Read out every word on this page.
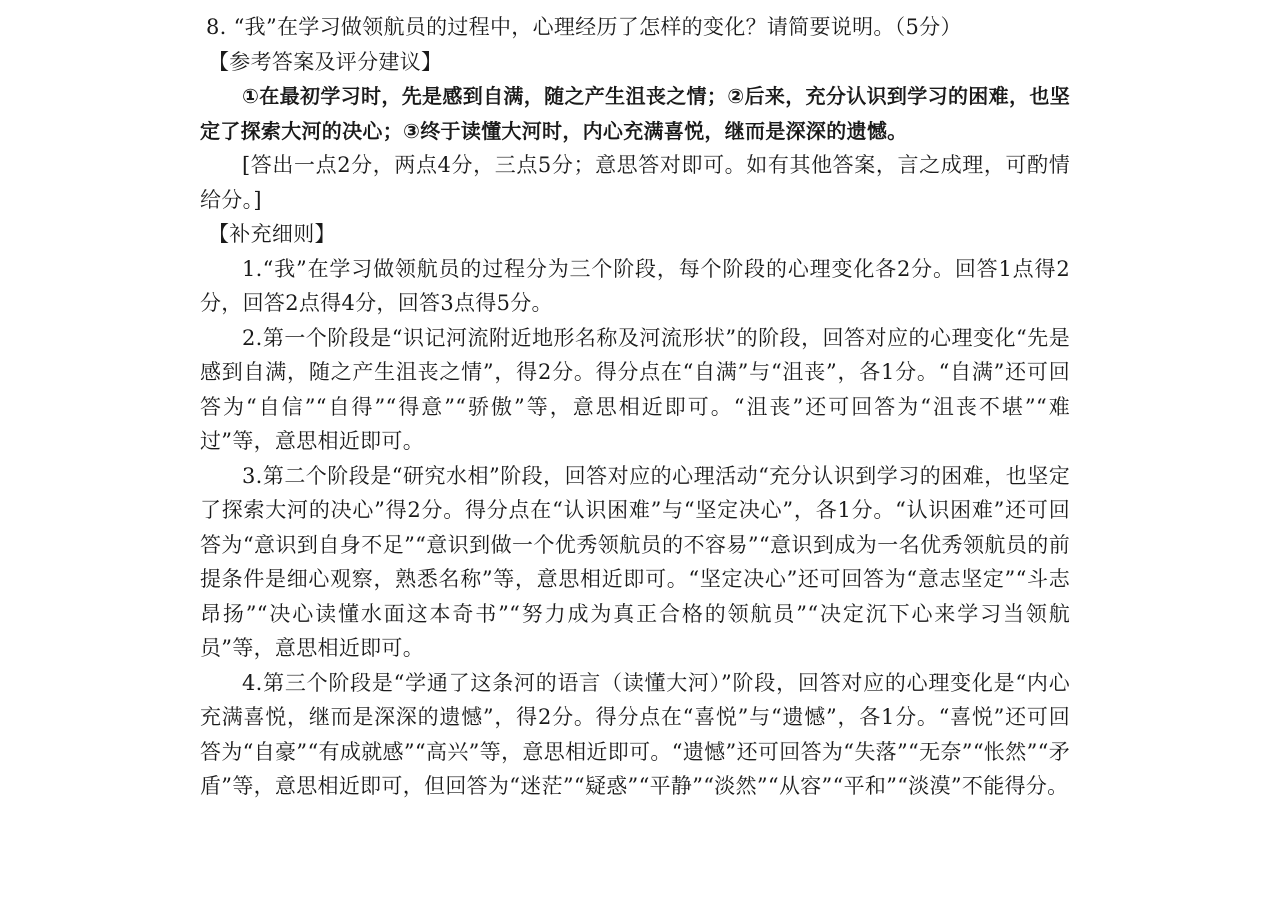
8. “我”在学习做领航员的过程中，心理经历了怎样的变化？请简要说明。（5分）

【参考答案及评分建议】

①在最初学习时，先是感到自满，随之产生沮丧之情；②后来，充分认识到学习的困难，也坚定了探索大河的决心；③终于读懂大河时，内心充满喜悦，继而是深深的遗憾。

[答出一点2分，两点4分，三点5分；意思答对即可。如有其他答案，言之成理，可酌情给分。]

【补充细则】

1.“我”在学习做领航员的过程分为三个阶段，每个阶段的心理变化各2分。回答1点得2分，回答2点得4分，回答3点得5分。

2.第一个阶段是“识记河流附近地形名称及河流形状”的阶段，回答对应的心理变化“先是感到自满，随之产生沮丧之情”，得2分。得分点在“自满”与“沮丧”，各1分。“自满”还可回答为“自信”“自得”“得意”“骄傲”等，意思相近即可。“沮丧”还可回答为“沮丧不堪”“难过”等，意思相近即可。

3.第二个阶段是“研究水相”阶段，回答对应的心理活动“充分认识到学习的困难，也坚定了探索大河的决心”得2分。得分点在“认识困难”与“坚定决心”，各1分。“认识困难”还可回答为“意识到自身不足”“意识到做一个优秀领航员的不容易”“意识到成为一名优秀领航员的前提条件是细心观察，熟悉名称”等，意思相近即可。“坚定决心”还可回答为“意志坚定”“斗志昂扬”“决心读懂水面这本奇书”“努力成为真正合格的领航员”“决定沉下心来学习当领航员”等，意思相近即可。

4.第三个阶段是“学通了这条河的语言（读懂大河）”阶段，回答对应的心理变化是“内心充满喜悦，继而是深深的遗憾”，得2分。得分点在“喜悦”与“遗憾”，各1分。“喜悦”还可回答为“自豪”“有成就感”“高兴”等，意思相近即可。“遗憾”还可回答为“失落”“无奈”“怅然”“矛盾”等，意思相近即可，但回答为“迷茫”“疑惑”“平静”“淡然”“从容”“平和”“淡漠”不能得分。
